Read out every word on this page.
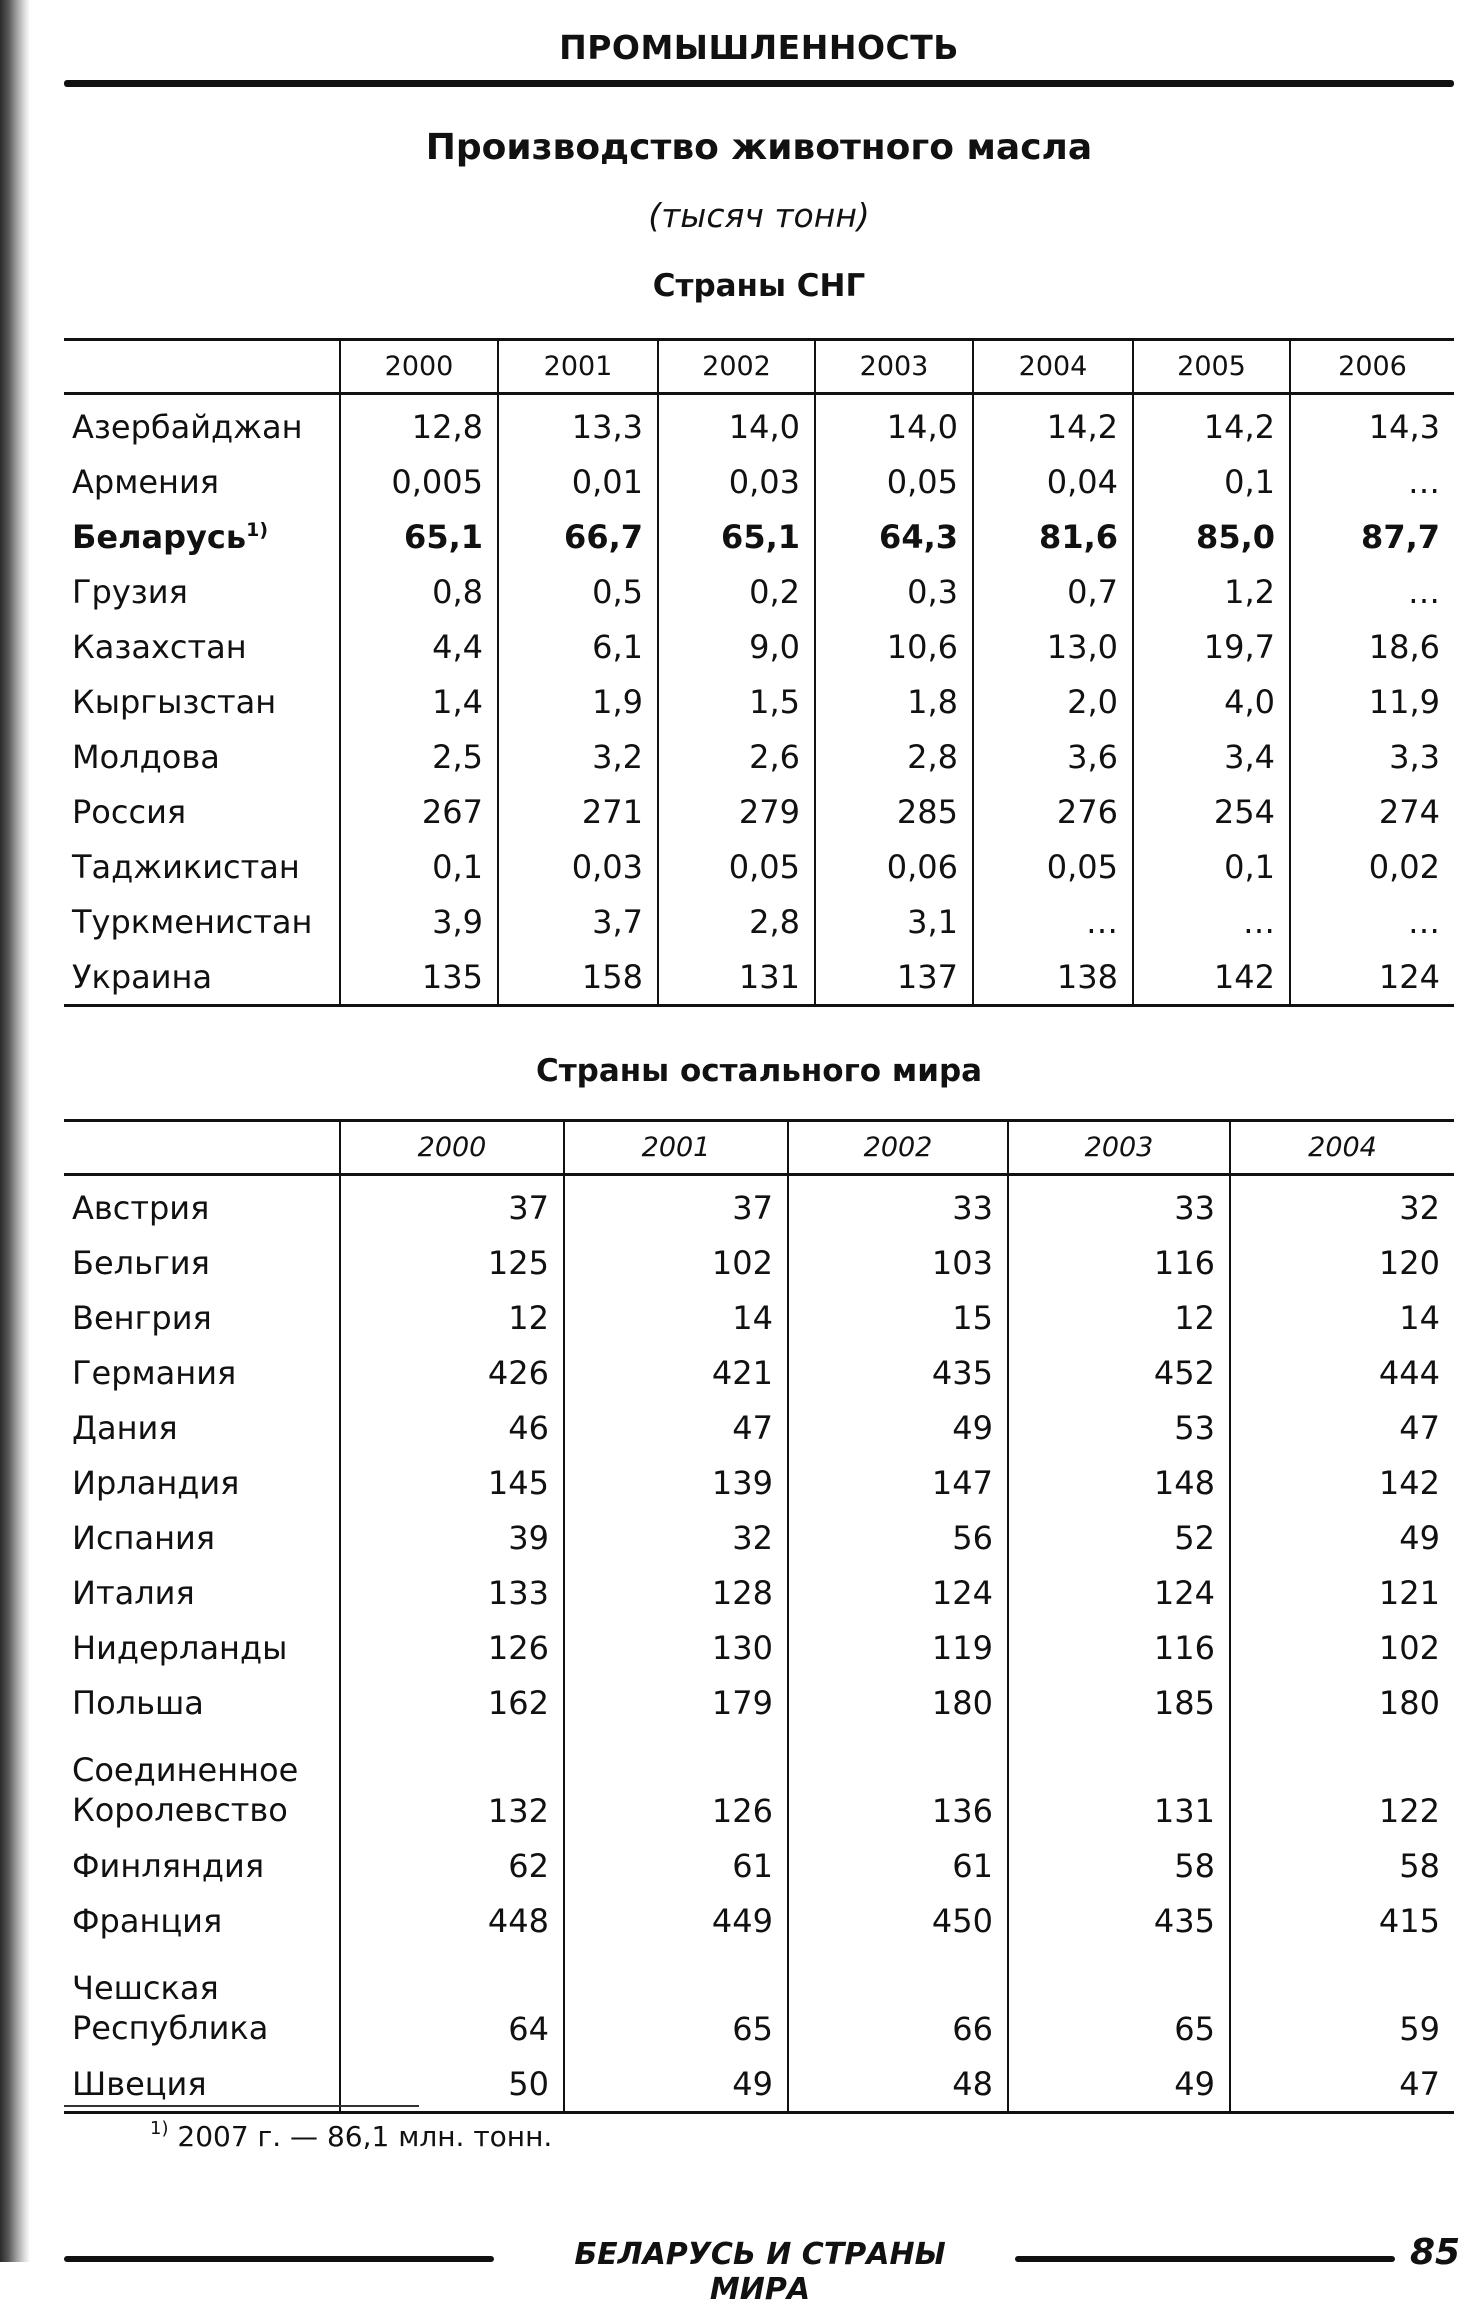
ПРОМЫШЛЕННОСТЬ
Производство животного масла
(тысяч тонн)
Страны СНГ
	2000	2001	2002	2003	2004	2005	2006
Азербайджан	12,8	13,3	14,0	14,0	14,2	14,2	14,3
Армения	0,005	0,01	0,03	0,05	0,04	0,1	…
Беларусь$^{1)}$	65,1	66,7	65,1	64,3	81,6	85,0	87,7
Грузия	0,8	0,5	0,2	0,3	0,7	1,2	…
Казахстан	4,4	6,1	9,0	10,6	13,0	19,7	18,6
Кыргызстан	1,4	1,9	1,5	1,8	2,0	4,0	11,9
Молдова	2,5	3,2	2,6	2,8	3,6	3,4	3,3
Россия	267	271	279	285	276	254	274
Таджикистан	0,1	0,03	0,05	0,06	0,05	0,1	0,02
Туркменистан	3,9	3,7	2,8	3,1	…	…	…
Украина	135	158	131	137	138	142	124
Страны остального мира
	2000	2001	2002	2003	2004
Австрия	37	37	33	33	32
Бельгия	125	102	103	116	120
Венгрия	12	14	15	12	14
Германия	426	421	435	452	444
Дания	46	47	49	53	47
Ирландия	145	139	147	148	142
Испания	39	32	56	52	49
Италия	133	128	124	124	121
Нидерланды	126	130	119	116	102
Польша	162	179	180	185	180
Соединенное
Королевство	132	126	136	131	122
Финляндия	62	61	61	58	58
Франция	448	449	450	435	415
Чешская
Республика	64	65	66	65	59
Швеция	50	49	48	49	47
$^{1)}$ 2007 г. — 86,1 млн. тонн.
БЕЛАРУСЬ И СТРАНЫ МИРА
85
